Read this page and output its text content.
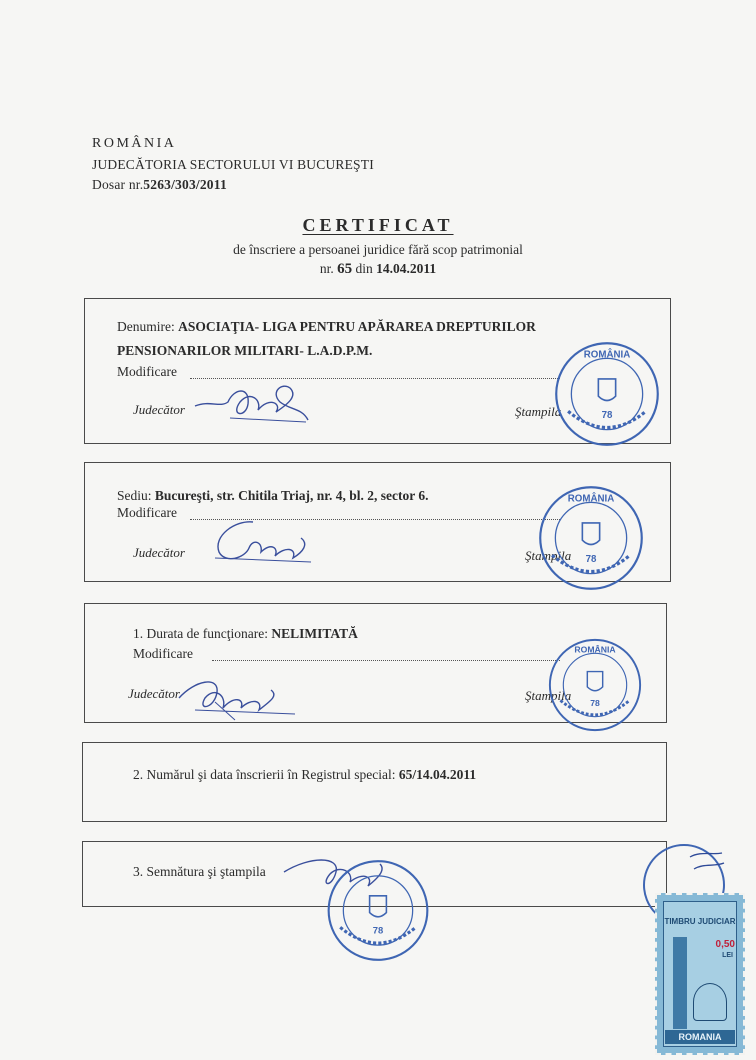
ROMÂNIA
JUDECĂTORIA SECTORULUI VI BUCUREŞTI
Dosar nr.5263/303/2011
CERTIFICAT
de înscriere a persoanei juridice fără scop patrimonial
nr. 65 din 14.04.2011
Denumire: ASOCIAŢIA- LIGA PENTRU APĂRAREA DREPTURILOR
PENSIONARILOR MILITARI- L.A.D.P.M.
Modificare
Judecător	Ştampila
Sediu: Bucureşti, str. Chitila Triaj, nr. 4, bl. 2, sector 6.
Modificare
Judecător	Ştampila
1. Durata de funcţionare: NELIMITATĂ
Modificare
Judecător	Ştampila
2. Numărul şi data înscrierii în Registrul special: 65/14.04.2011
3. Semnătura şi ştampila
ROMÂNIA
78
ROMÂNIA
78
ROMÂNIA
78
78
TIMBRU JUDICIAR
0,50
LEI
ROMANIA
